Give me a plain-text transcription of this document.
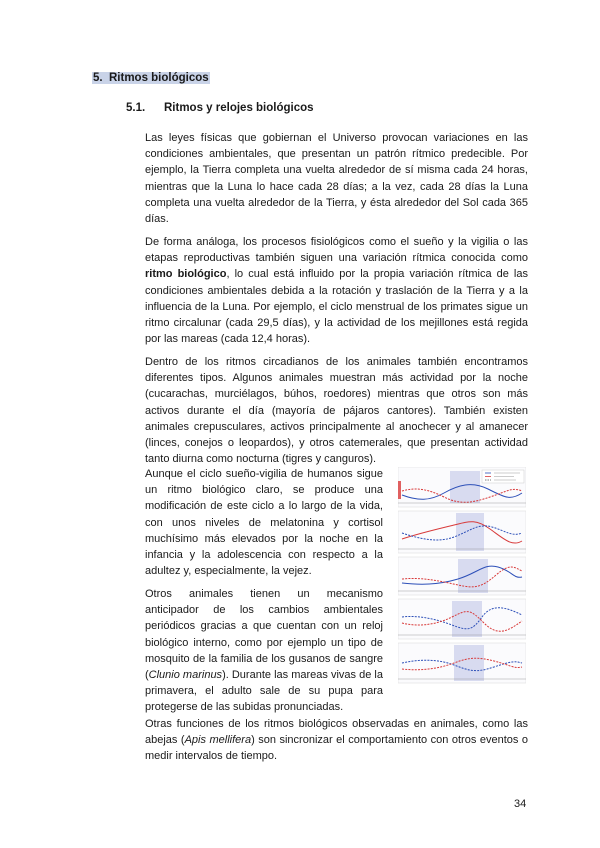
5. Ritmos biológicos
5.1. Ritmos y relojes biológicos
Las leyes físicas que gobiernan el Universo provocan variaciones en las condiciones ambientales, que presentan un patrón rítmico predecible. Por ejemplo, la Tierra completa una vuelta alrededor de sí misma cada 24 horas, mientras que la Luna lo hace cada 28 días; a la vez, cada 28 días la Luna completa una vuelta alrededor de la Tierra, y ésta alrededor del Sol cada 365 días.
De forma análoga, los procesos fisiológicos como el sueño y la vigilia o las etapas reproductivas también siguen una variación rítmica conocida como ritmo biológico, lo cual está influido por la propia variación rítmica de las condiciones ambientales debida a la rotación y traslación de la Tierra y a la influencia de la Luna. Por ejemplo, el ciclo menstrual de los primates sigue un ritmo circalunar (cada 29,5 días), y la actividad de los mejillones está regida por las mareas (cada 12,4 horas).
Dentro de los ritmos circadianos de los animales también encontramos diferentes tipos. Algunos animales muestran más actividad por la noche (cucarachas, murciélagos, búhos, roedores) mientras que otros son más activos durante el día (mayoría de pájaros cantores). También existen animales crepusculares, activos principalmente al anochecer y al amanecer (linces, conejos o leopardos), y otros catemerales, que presentan actividad tanto diurna como nocturna (tigres y canguros).
Aunque el ciclo sueño-vigilia de humanos sigue un ritmo biológico claro, se produce una modificación de este ciclo a lo largo de la vida, con unos niveles de melatonina y cortisol muchísimo más elevados por la noche en la infancia y la adolescencia con respecto a la adultez y, especialmente, la vejez.
Otros animales tienen un mecanismo anticipador de los cambios ambientales periódicos gracias a que cuentan con un reloj biológico interno, como por ejemplo un tipo de mosquito de la familia de los gusanos de sangre (Clunio marinus). Durante las mareas vivas de la primavera, el adulto sale de su pupa para protegerse de las subidas pronunciadas.
Otras funciones de los ritmos biológicos observadas en animales, como las abejas (Apis mellifera) son sincronizar el comportamiento con otros eventos o medir intervalos de tiempo.
34
